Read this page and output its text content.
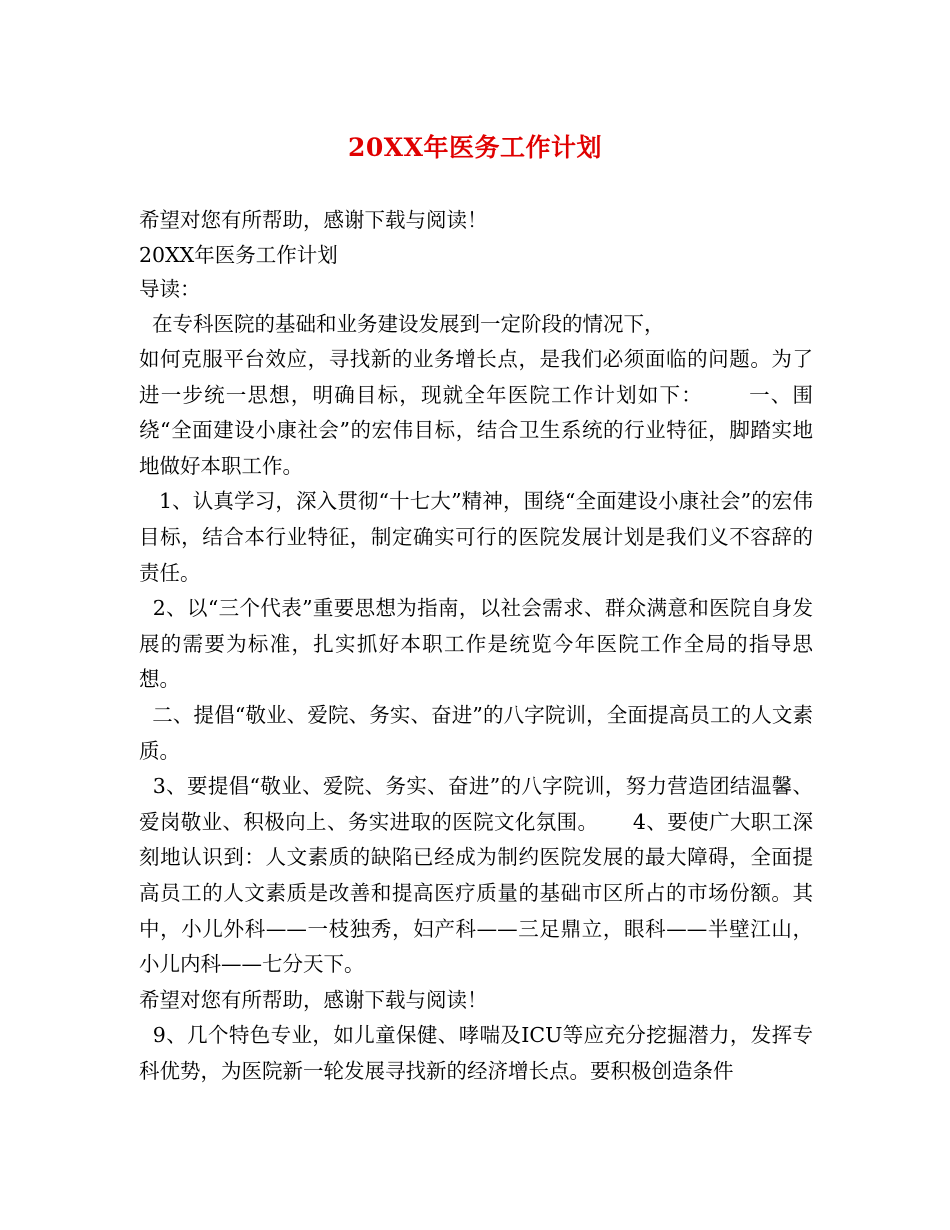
20XX年医务工作计划

希望对您有所帮助，感谢下载与阅读！

20XX年医务工作计划

导读：

在专科医院的基础和业务建设发展到一定阶段的情况下，

如何克服平台效应，寻找新的业务增长点，是我们必须面临的问题。为了进一步统一思想，明确目标，现就全年医院工作计划如下：      一、围绕“全面建设小康社会”的宏伟目标，结合卫生系统的行业特征，脚踏实地地做好本职工作。

1、认真学习，深入贯彻“十七大”精神，围绕“全面建设小康社会”的宏伟目标，结合本行业特征，制定确实可行的医院发展计划是我们义不容辞的责任。

2、以“三个代表”重要思想为指南，以社会需求、群众满意和医院自身发展的需要为标准，扎实抓好本职工作是统览今年医院工作全局的指导思想。

二、提倡“敬业、爱院、务实、奋进”的八字院训，全面提高员工的人文素质。

3、要提倡“敬业、爱院、务实、奋进”的八字院训，努力营造团结温馨、爱岗敬业、积极向上、务实进取的医院文化氛围。     4、要使广大职工深刻地认识到：人文素质的缺陷已经成为制约医院发展的最大障碍，全面提高员工的人文素质是改善和提高医疗质量的基础市区所占的市场份额。其中，小儿外科——一枝独秀，妇产科——三足鼎立，眼科——半壁江山，小儿内科——七分天下。

希望对您有所帮助，感谢下载与阅读！

9、几个特色专业，如儿童保健、哮喘及ICU等应充分挖掘潜力，发挥专科优势，为医院新一轮发展寻找新的经济增长点。要积极创造条件
